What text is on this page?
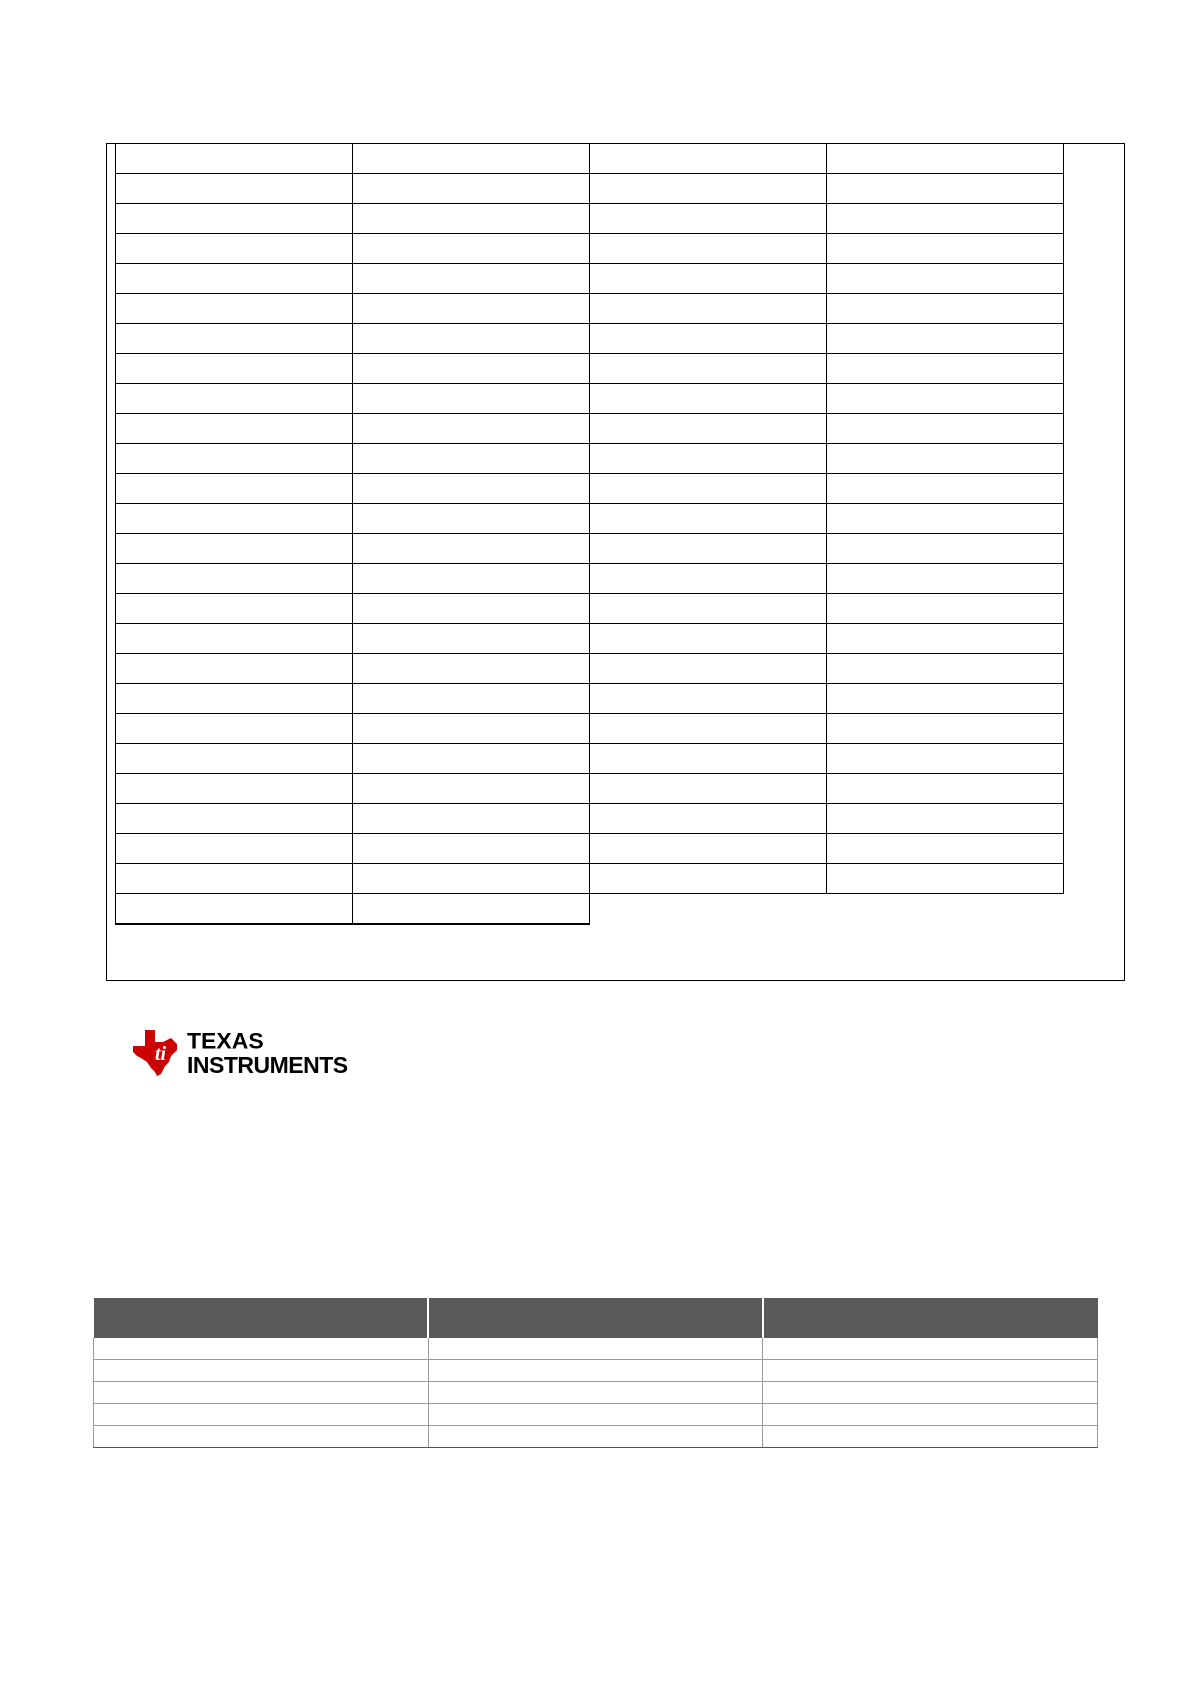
ti
TEXAS
INSTRUMENTS
